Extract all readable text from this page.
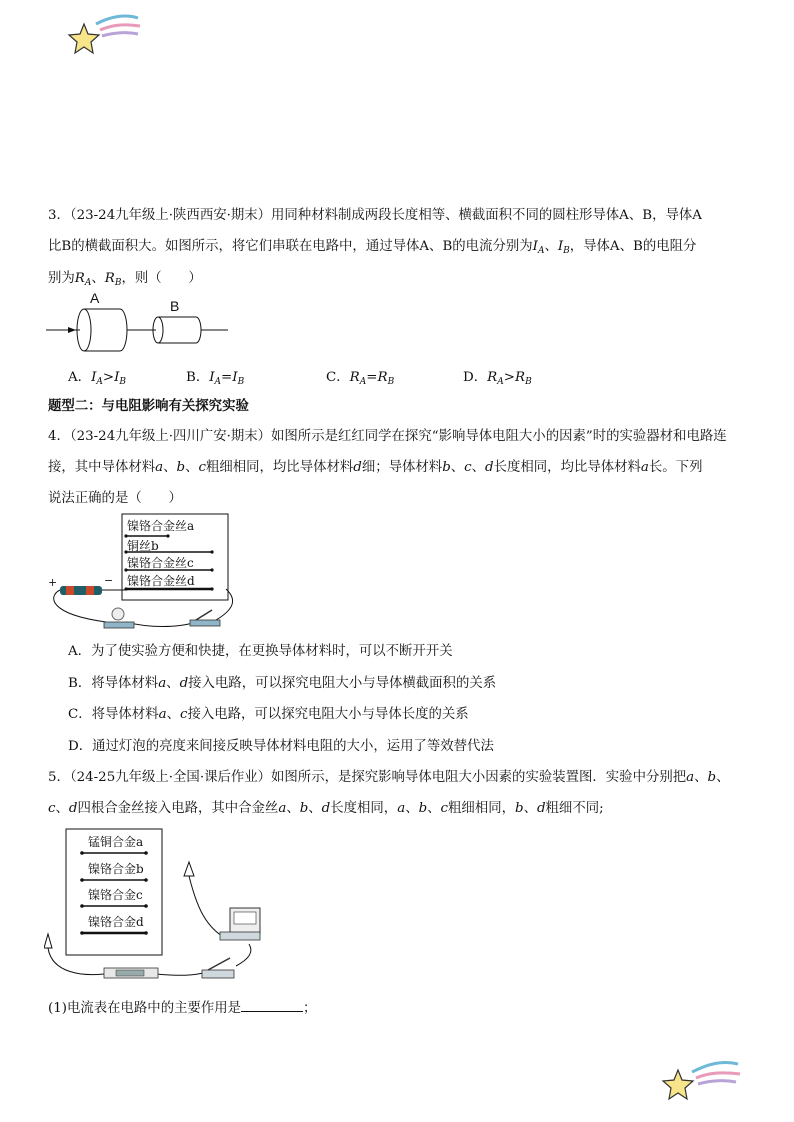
3．（23-24九年级上·陕西西安·期末）用同种材料制成两段长度相等、横截面积不同的圆柱形导体A、B，导体A
比B的横截面积大。如图所示，将它们串联在电路中，通过导体A、B的电流分别为$I_A$、$I_B$，导体A、B的电阻分
别为$R_A$、$R_B$，则（　　）
A	B
A．$I_A>I_B$	B．$I_A=I_B$	C．$R_A=R_B$	D．$R_A>R_B$
题型二：与电阻影响有关探究实验
4．（23-24九年级上·四川广安·期末）如图所示是红红同学在探究“影响导体电阻大小的因素”时的实验器材和电路连
接，其中导体材料a、b、c粗细相同，均比导体材料d细；导体材料b、c、d长度相同，均比导体材料a长。下列
说法正确的是（　　）
+	−
镍铬合金丝a
铜丝b
镍铬合金丝c
镍铬合金丝d
A．为了使实验方便和快捷，在更换导体材料时，可以不断开开关
B．将导体材料a、d接入电路，可以探究电阻大小与导体横截面积的关系
C．将导体材料a、c接入电路，可以探究电阻大小与导体长度的关系
D．通过灯泡的亮度来间接反映导体材料电阻的大小，运用了等效替代法
5．（24-25九年级上·全国·课后作业）如图所示，是探究影响导体电阻大小因素的实验装置图．实验中分别把a、b、
c、d四根合金丝接入电路，其中合金丝a、b、d长度相同，a、b、c粗细相同，b、d粗细不同;
锰铜合金a
镍铬合金b
镍铬合金c
镍铬合金d
(1)电流表在电路中的主要作用是	；
